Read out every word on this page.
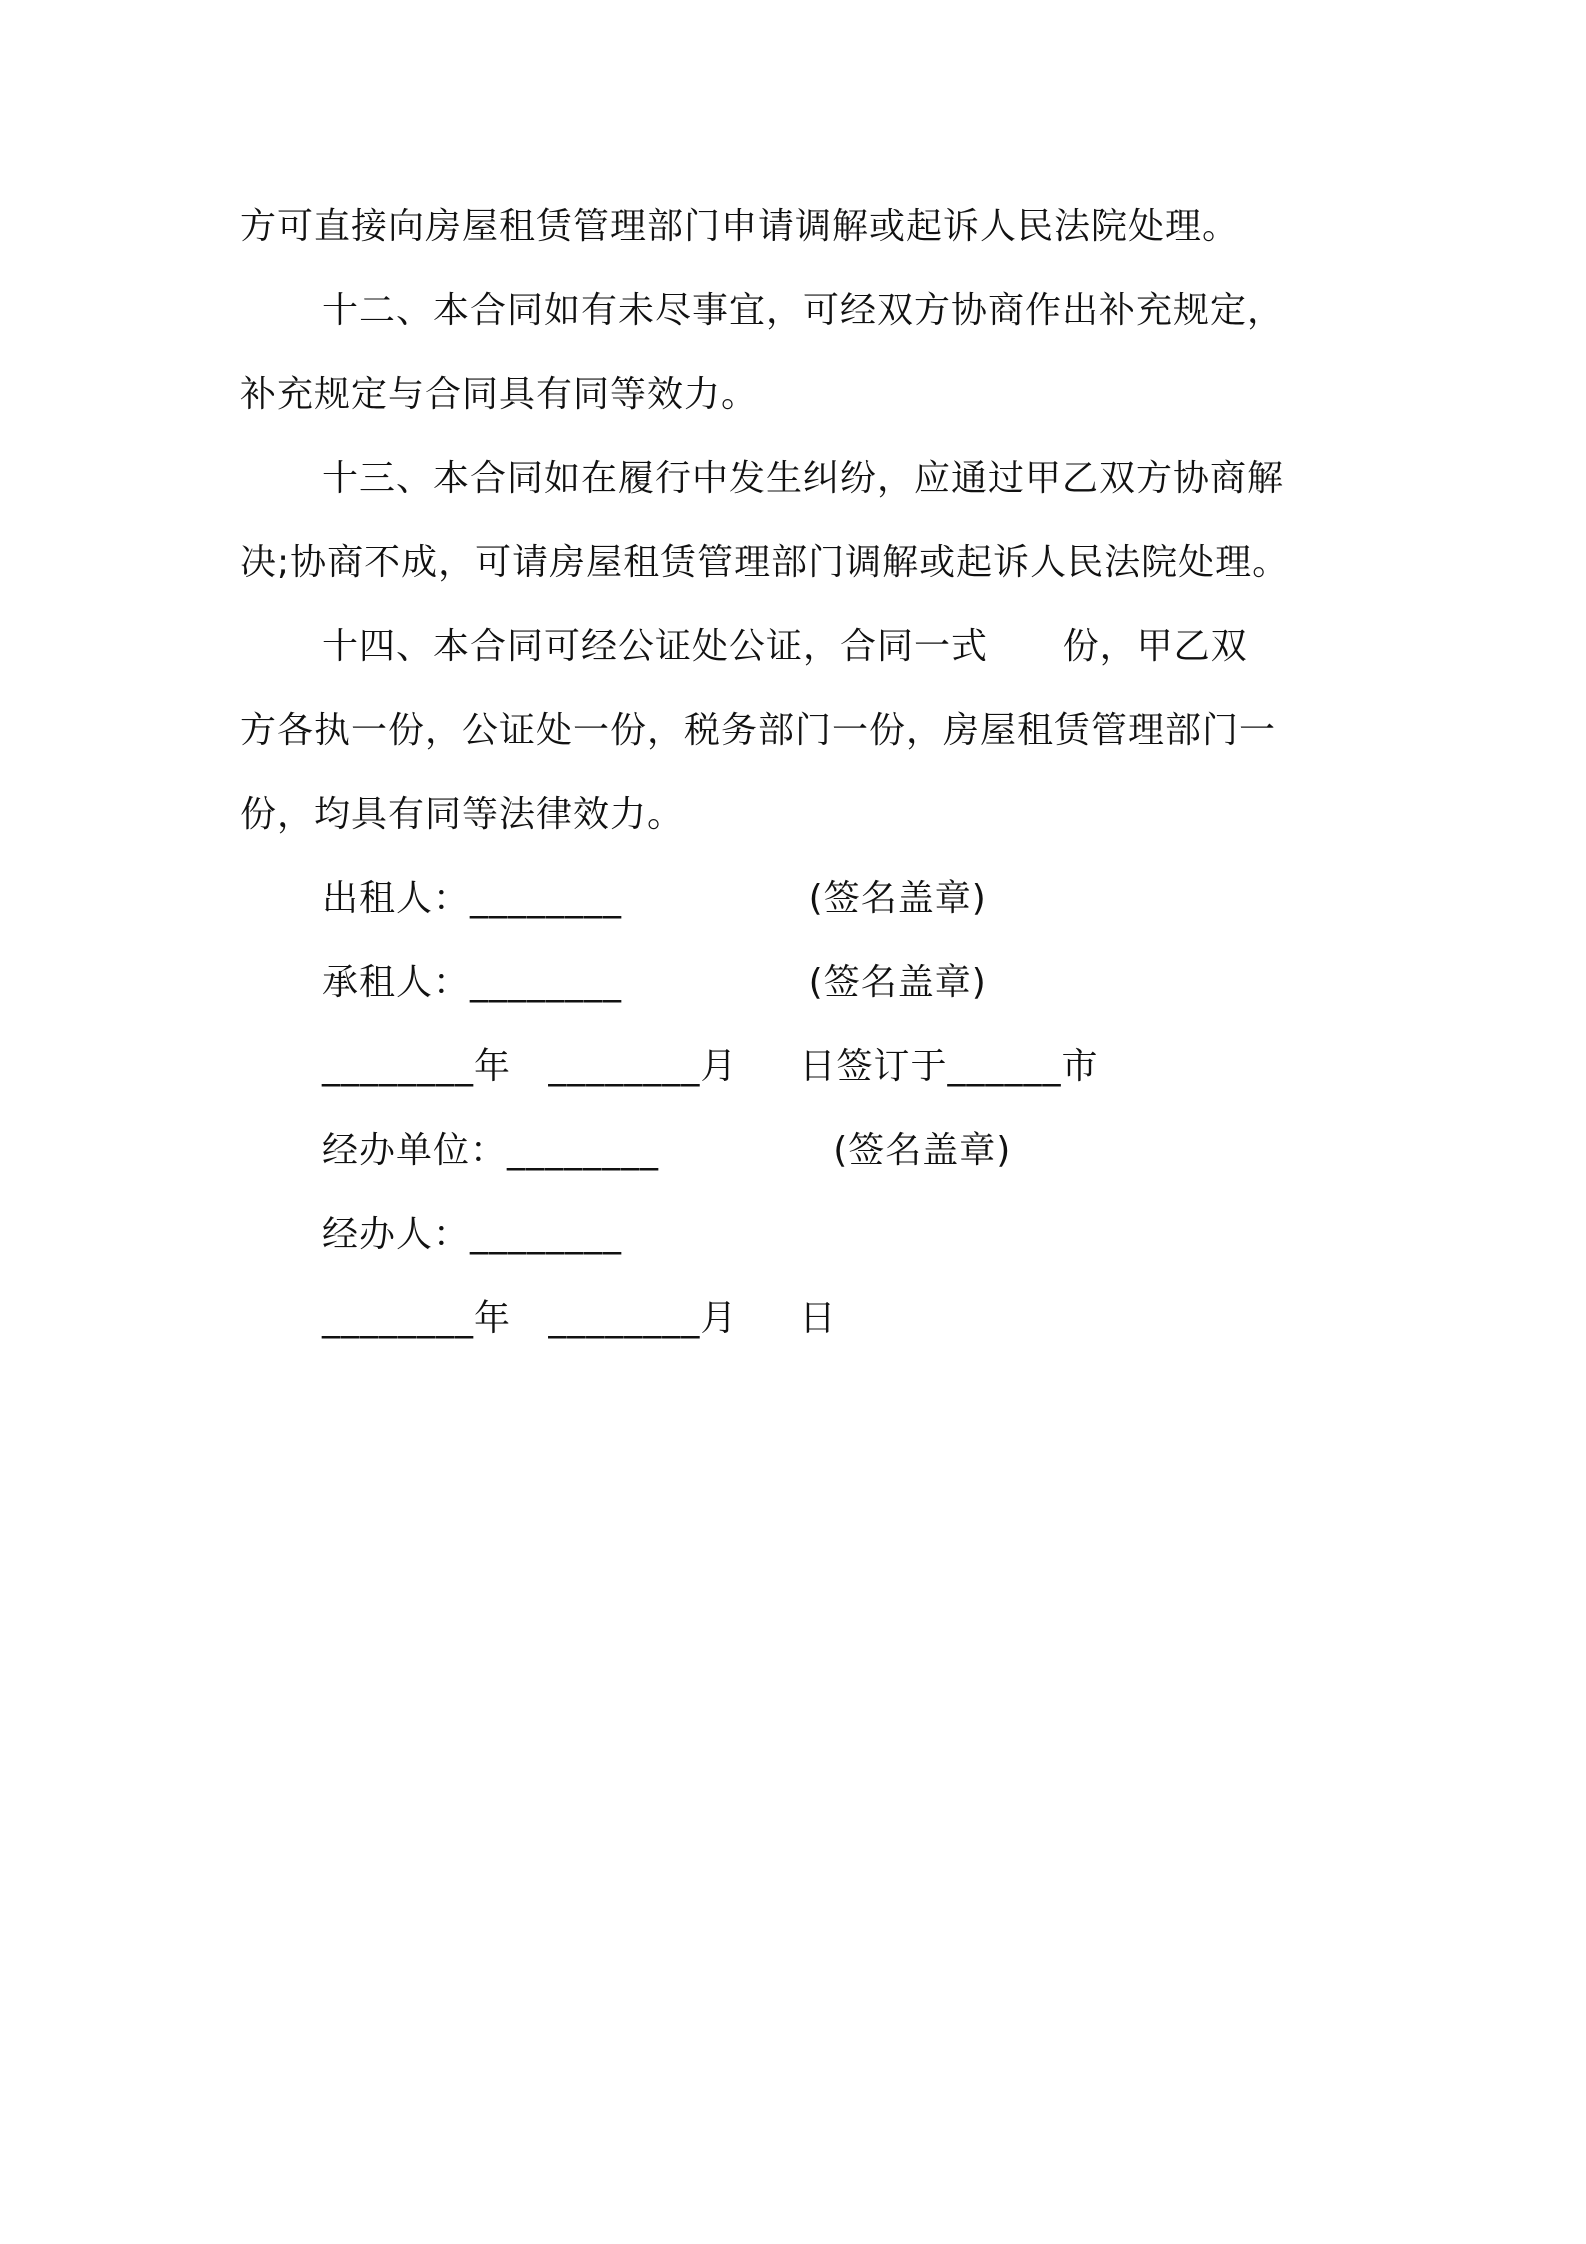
方可直接向房屋租赁管理部门申请调解或起诉人民法院处理。
十二、本合同如有未尽事宜，可经双方协商作出补充规定，
补充规定与合同具有同等效力。
十三、本合同如在履行中发生纠纷，应通过甲乙双方协商解
决;协商不成，可请房屋租赁管理部门调解或起诉人民法院处理。
十四、本合同可经公证处公证，合同一式      份，甲乙双
方各执一份，公证处一份，税务部门一份，房屋租赁管理部门一
份，均具有同等法律效力。
出租人：________               (签名盖章)
承租人：________               (签名盖章)
________年   ________月     日签订于______市
经办单位：________              (签名盖章)
经办人：________
________年   ________月     日
